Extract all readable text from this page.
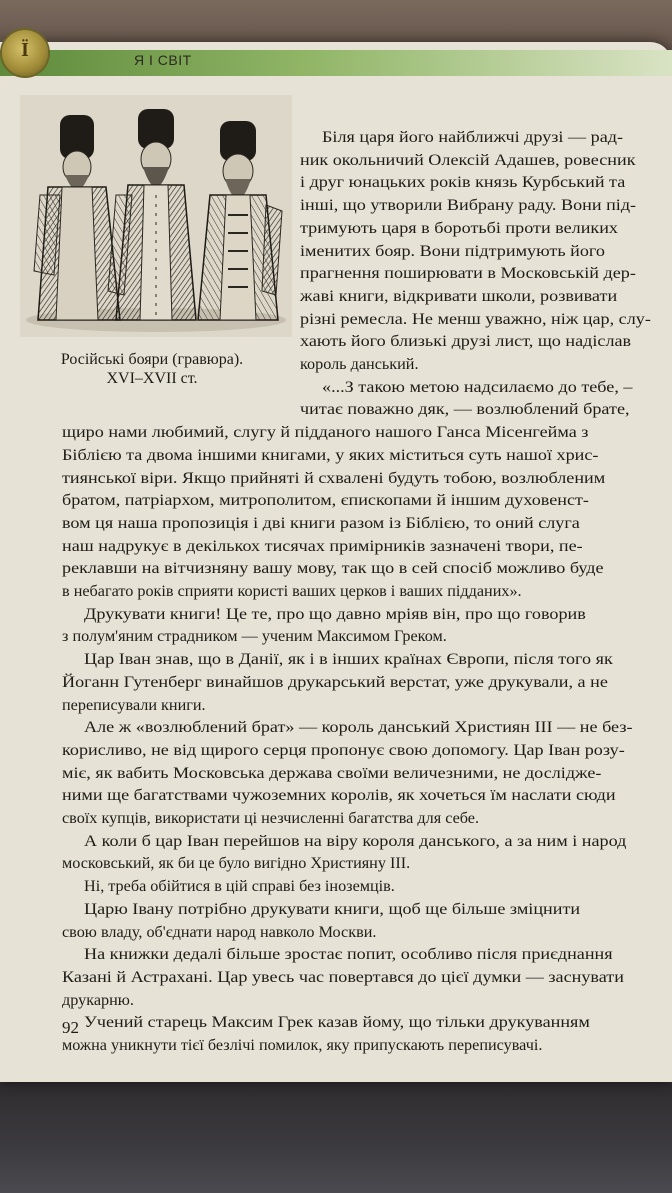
Ї	Я І СВІТ
Російські бояри (гравюра).
XVI–XVII ст.
Біля царя його найближчі друзі — рад-
ник окольничий Олексій Адашев, ровесник
і друг юнацьких років князь Курбський та
інші, що утворили Вибрану раду. Вони під-
тримують царя в боротьбі проти великих
іменитих бояр. Вони підтримують його
прагнення поширювати в Московській дер-
жаві книги, відкривати школи, розвивати
різні ремесла. Не менш уважно, ніж цар, слу-
хають його близькі друзі лист, що надіслав
король данський.
«...З такою метою надсилаємо до тебе, –
читає поважно дяк, — возлюблений брате,
щиро нами любимий, слугу й підданого нашого Ганса Місенгейма з
Біблією та двома іншими книгами, у яких міститься суть нашої хрис-
тиянської віри. Якщо прийняті й схвалені будуть тобою, возлюбленим
братом, патріархом, митрополитом, єпископами й іншим духовенст-
вом ця наша пропозиція і дві книги разом із Біблією, то оний слуга
наш надрукує в декількох тисячах примірників зазначені твори, пе-
реклавши на вітчизняну вашу мову, так що в сей спосіб можливо буде
в небагато років сприяти користі ваших церков і ваших підданих».
Друкувати книги! Це те, про що давно мріяв він, про що говорив
з полум'яним страдником — ученим Максимом Греком.
Цар Іван знав, що в Данії, як і в інших країнах Європи, після того як
Йоганн Гутенберг винайшов друкарський верстат, уже друкували, а не
переписували книги.
Але ж «возлюблений брат» — король данський Християн III — не без-
корисливо, не від щирого серця пропонує свою допомогу. Цар Іван розу-
міє, як вабить Московська держава своїми величезними, не дослідже-
ними ще багатствами чужоземних королів, як хочеться їм наслати сюди
своїх купців, використати ці незчисленні багатства для себе.
А коли б цар Іван перейшов на віру короля данського, а за ним і народ
московський, як би це було вигідно Християну III.
Ні, треба обійтися в цій справі без іноземців.
Царю Івану потрібно друкувати книги, щоб ще більше зміцнити
свою владу, об'єднати народ навколо Москви.
На книжки дедалі більше зростає попит, особливо після приєднання
Казані й Астрахані. Цар увесь час повертався до цієї думки — заснувати
друкарню.
Учений старець Максим Грек казав йому, що тільки друкуванням
можна уникнути тієї безлічі помилок, яку припускають переписувачі.
92
